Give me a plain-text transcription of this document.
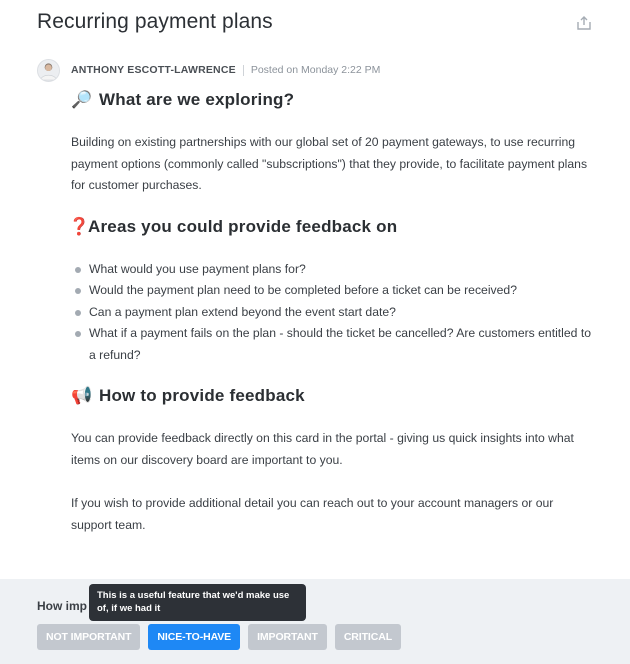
Recurring payment plans
ANTHONY ESCOTT-LAWRENCE Posted on Monday 2:22 PM
🔎 What are we exploring?

Building on existing partnerships with our global set of 20 payment gateways, to use recurring payment options (commonly called "subscriptions") that they provide, to facilitate payment plans for customer purchases.

❓
Areas you could provide feedback on
What would you use payment plans for?
Would the payment plan need to be completed before a ticket can be received?
Can a payment plan extend beyond the event start date?
What if a payment fails on the plan - should the ticket be cancelled? Are customers entitled to a refund?
📢 How to provide feedback

You can provide feedback directly on this card in the portal - giving us quick insights into what items on our discovery board are important to you.

If you wish to provide additional detail you can reach out to your account managers or our support team.

How imp
NOT IMPORTANT	NICE-TO-HAVE	IMPORTANT	CRITICAL
This is a useful feature that we'd make use of, if we had it
